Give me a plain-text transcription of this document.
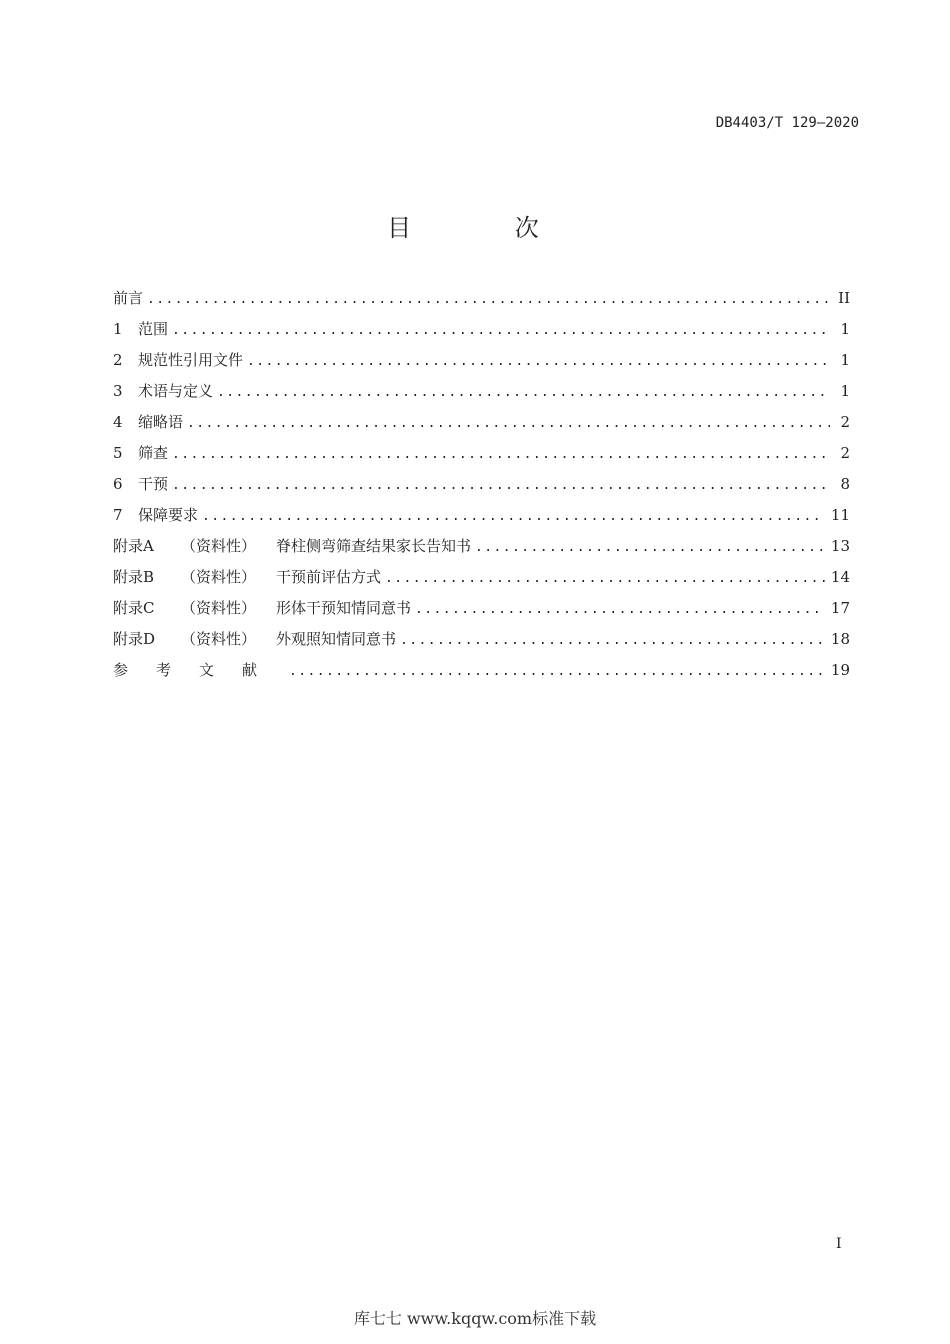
DB4403/T 129—2020
目 次
前言 . . .	II
1	范围 . . .	1
2	规范性引用文件 . . .	1
3	术语与定义 . . .	1
4	缩略语 . . .	2
5	筛查 . . .	2
6	干预 . . .	8
7	保障要求 . . .	11
附录A	（资料性）	脊柱侧弯筛查结果家长告知书 . . .	13
附录B	（资料性）	干预前评估方式 . . .	14
附录C	（资料性）	形体干预知情同意书 . . .	17
附录D	（资料性）	外观照知情同意书 . . .	18
参考文献 . . .	19
I
库七七 www.kqqw.com标准下载
